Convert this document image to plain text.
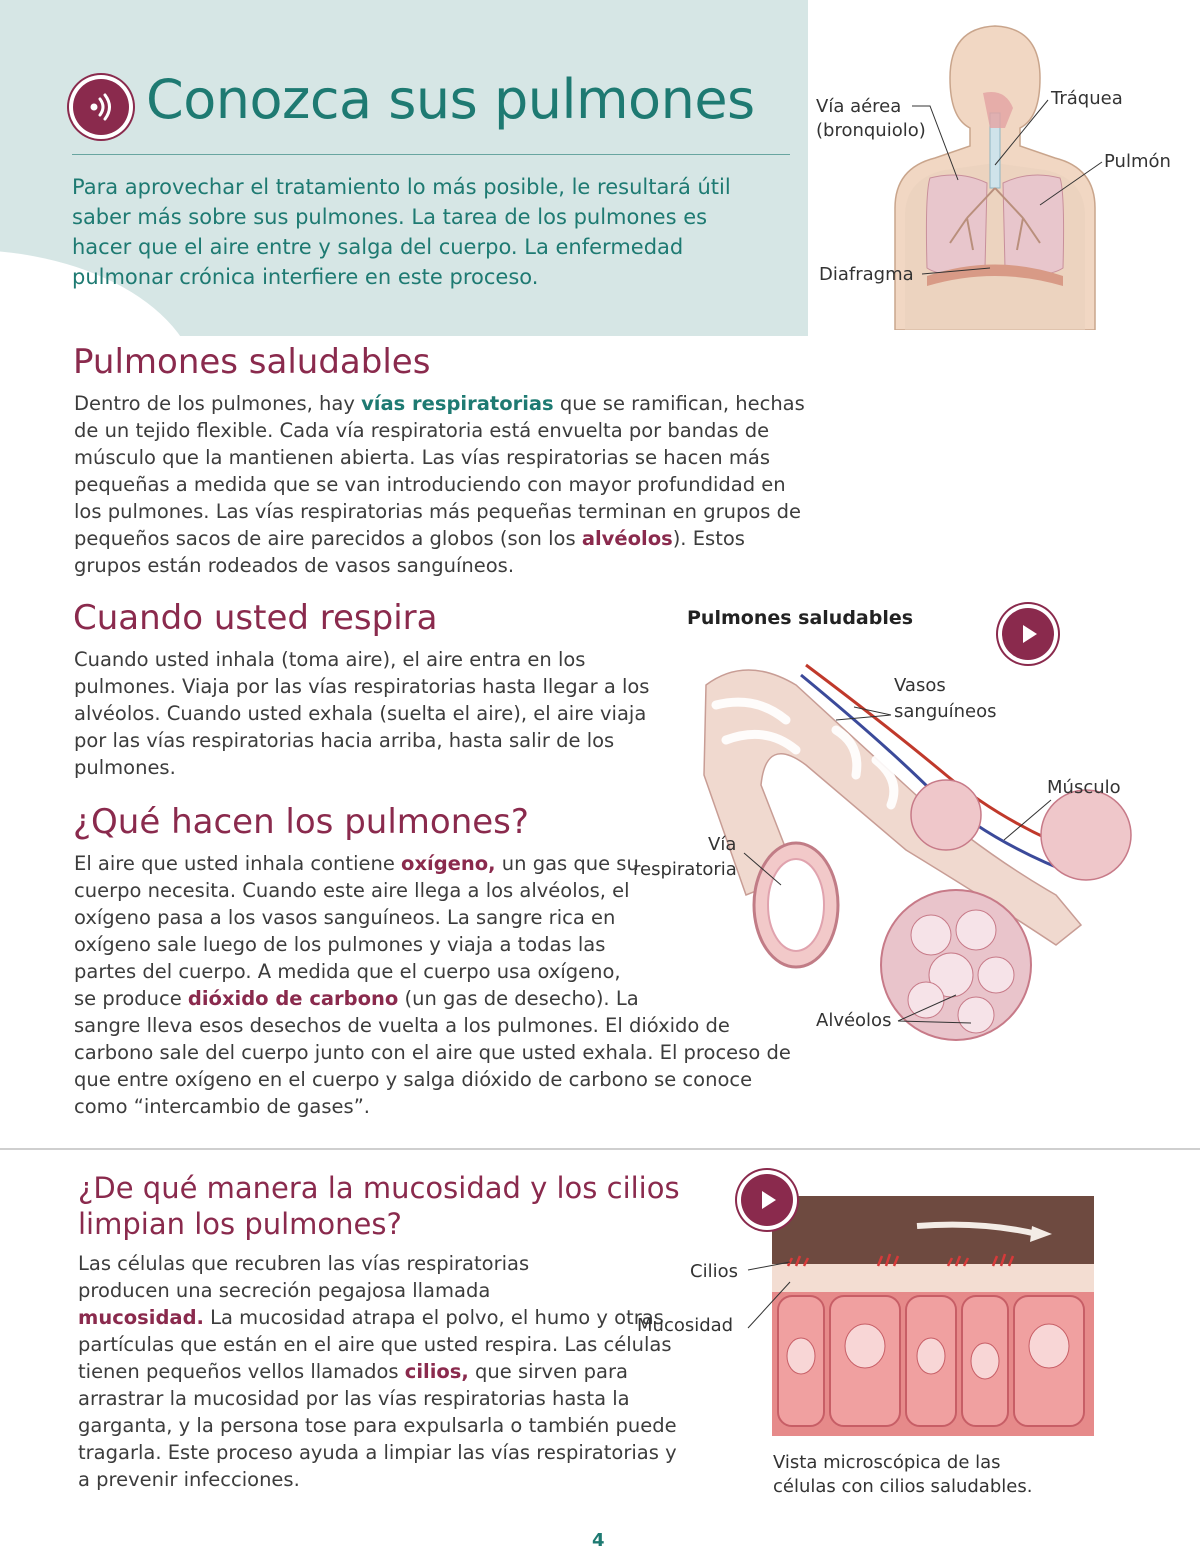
Conozca sus pulmones

Para aprovechar el tratamiento lo más posible, le resultará útil saber más sobre sus pulmones. La tarea de los pulmones es hacer que el aire entre y salga del cuerpo. La enfermedad pulmonar crónica interfiere en este proceso.

Vía aérea
(bronquiolo)
Tráquea
Pulmón
Diafragma
Pulmones saludables

Dentro de los pulmones, hay vías respiratorias que se ramifican, hechas de un tejido flexible. Cada vía respiratoria está envuelta por bandas de músculo que la mantienen abierta. Las vías respiratorias se hacen más pequeñas a medida que se van introduciendo con mayor profundidad en los pulmones. Las vías respiratorias más pequeñas terminan en grupos de pequeños sacos de aire parecidos a globos (son los alvéolos). Estos grupos están rodeados de vasos sanguíneos.

Cuando usted respira

Cuando usted inhala (toma aire), el aire entra en los pulmones. Viaja por las vías respiratorias hasta llegar a los alvéolos. Cuando usted exhala (suelta el aire), el aire viaja por las vías respiratorias hacia arriba, hasta salir de los pulmones.

Pulmones saludables
Vasos
sanguíneos
Músculo
Vía
respiratoria
Alvéolos
¿Qué hacen los pulmones?
El aire que usted inhala contiene oxígeno, un gas que su cuerpo necesita. Cuando este aire llega a los alvéolos, el oxígeno pasa a los vasos sanguíneos. La sangre rica en oxígeno sale luego de los pulmones y viaja a todas las partes del cuerpo. A medida que el cuerpo usa oxígeno, se produce dióxido de carbono (un gas de desecho). La sangre lleva esos desechos de vuelta a los pulmones. El dióxido de carbono sale del cuerpo junto con el aire que usted exhala. El proceso de que entre oxígeno en el cuerpo y salga dióxido de carbono se conoce como “intercambio de gases”.
¿De qué manera la mucosidad y los cilios
limpian los pulmones?
Las células que recubren las vías respiratorias producen una secreción pegajosa llamada mucosidad. La mucosidad atrapa el polvo, el humo y otras partículas que están en el aire que usted respira. Las células tienen pequeños vellos llamados cilios, que sirven para arrastrar la mucosidad por las vías respiratorias hasta la garganta, y la persona tose para expulsarla o también puede tragarla. Este proceso ayuda a limpiar las vías respiratorias y a prevenir infecciones.
Cilios
Mucosidad
Vista microscópica de las
células con cilios saludables.
4
